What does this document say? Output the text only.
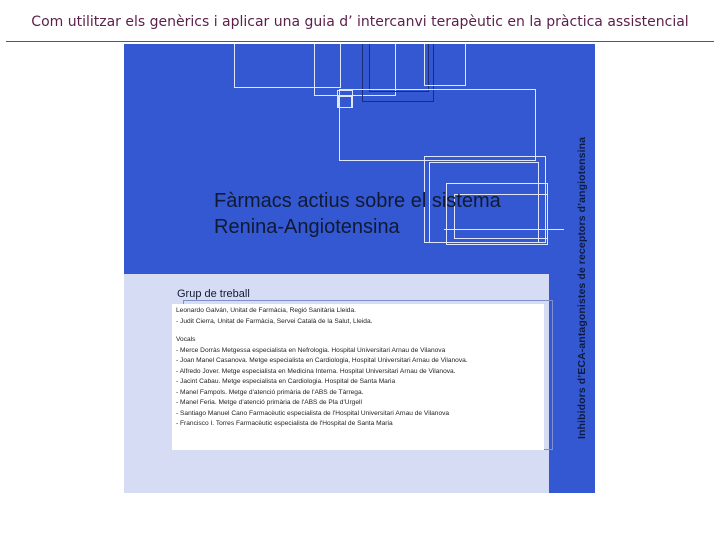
Com utilitzar els genèrics i aplicar una guia d’ intercanvi terapèutic en la pràctica assistencial
Fàrmacs actius sobre el sistema
Renina-Angiotensina	Inhibidors d’ECA-antagonistes de receptors d’angiotensina
Grup de treball
Leonardo Galván, Unitat de Farmàcia, Regió Sanitària Lleida.
- Judit Cierra, Unitat de Farmàcia, Servei Català de la Salut, Lleida.
Vocals
- Merce Dorràs Metgessa especialista en Nefrologia. Hospital Universitari Arnau de Vilanova
- Joan Manel Casanova. Metge especialista en Cardiologia, Hospital Universitari Arnau de Vilanova.
- Alfredo Jover. Metge especialista en Medicina Interna. Hospital Universitari Arnau de Vilanova.
- Jacint Cabau. Metge especialista en Cardiologia. Hospital de Santa Maria
- Manel Fampols. Metge d'atenció primària de l'ABS de Tàrrega.
- Manel Feria. Metge d'atenció primària de l'ABS de Pla d'Urgell
- Santiago Manuel Cano Farmacèutic especialista de l'Hospital Universitari Arnau de Vilanova
- Francisco I. Torres Farmacèutic especialista de l'Hospital de Santa Maria
